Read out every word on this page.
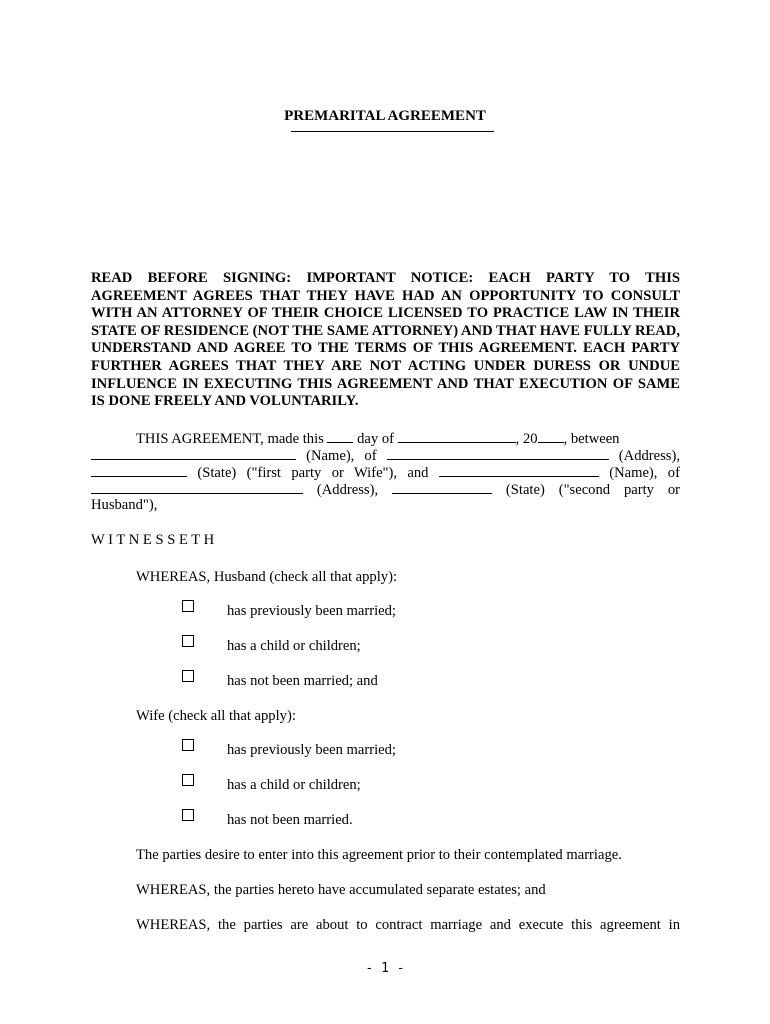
PREMARITAL AGREEMENT
READ BEFORE SIGNING: IMPORTANT NOTICE: EACH PARTY TO THIS AGREEMENT AGREES THAT THEY HAVE HAD AN OPPORTUNITY TO CONSULT WITH AN ATTORNEY OF THEIR CHOICE LICENSED TO PRACTICE LAW IN THEIR STATE OF RESIDENCE (NOT THE SAME ATTORNEY) AND THAT HAVE FULLY READ, UNDERSTAND AND AGREE TO THE TERMS OF THIS AGREEMENT. EACH PARTY FURTHER AGREES THAT THEY ARE NOT ACTING UNDER DURESS OR UNDUE INFLUENCE IN EXECUTING THIS AGREEMENT AND THAT EXECUTION OF SAME IS DONE FREELY AND VOLUNTARILY.
THIS AGREEMENT, made this day of	, 20 , between
(Name), of	(Address),
(State) ("first party or Wife"), and	(Name), of
(Address),	(State) ("second party or
Husband"),
W I T N E S S E T H
WHEREAS, Husband (check all that apply):
has previously been married;
has a child or children;
has not been married; and
Wife (check all that apply):
has previously been married;
has a child or children;
has not been married.
The parties desire to enter into this agreement prior to their contemplated marriage.
WHEREAS, the parties hereto have accumulated separate estates; and
WHEREAS, the parties are about to contract marriage and execute this agreement in
- 1 -
